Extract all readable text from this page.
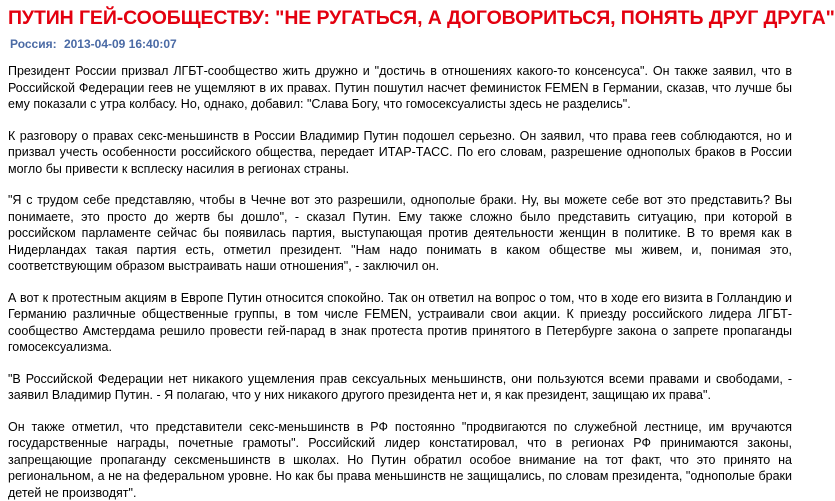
ПУТИН ГЕЙ-СООБЩЕСТВУ: "НЕ РУГАТЬСЯ, А ДОГОВОРИТЬСЯ, ПОНЯТЬ ДРУГ ДРУГА"
Россия: 2013-04-09 16:40:07

Президент России призвал ЛГБТ-сообщество жить дружно и "достичь в отношениях какого-то консенсуса". Он также заявил, что в Российской Федерации геев не ущемляют в их правах. Путин пошутил насчет феминисток FEMEN в Германии, сказав, что лучше бы ему показали с утра колбасу. Но, однако, добавил: "Слава Богу, что гомосексуалисты здесь не разделись".

К разговору о правах секс-меньшинств в России Владимир Путин подошел серьезно. Он заявил, что права геев соблюдаются, но и призвал учесть особенности российского общества, передает ИТАР-ТАСС. По его словам, разрешение однополых браков в России могло бы привести к всплеску насилия в регионах страны.

"Я с трудом себе представляю, чтобы в Чечне вот это разрешили, однополые браки. Ну, вы можете себе вот это представить? Вы понимаете, это просто до жертв бы дошло", - сказал Путин. Ему также сложно было представить ситуацию, при которой в российском парламенте сейчас бы появилась партия, выступающая против деятельности женщин в политике. В то время как в Нидерландах такая партия есть, отметил президент. "Нам надо понимать в каком обществе мы живем, и, понимая это, соответствующим образом выстраивать наши отношения", - заключил он.

А вот к протестным акциям в Европе Путин относится спокойно. Так он ответил на вопрос о том, что в ходе его визита в Голландию и Германию различные общественные группы, в том числе FEMEN, устраивали свои акции. К приезду российского лидера ЛГБТ-сообщество Амстердама решило провести гей-парад в знак протеста против принятого в Петербурге закона о запрете пропаганды гомосексуализма.

"В Российской Федерации нет никакого ущемления прав сексуальных меньшинств, они пользуются всеми правами и свободами, - заявил Владимир Путин. - Я полагаю, что у них никакого другого президента нет и, я как президент, защищаю их права".

Он также отметил, что представители секс-меньшинств в РФ постоянно "продвигаются по служебной лестнице, им вручаются государственные награды, почетные грамоты". Российский лидер констатировал, что в регионах РФ принимаются законы, запрещающие пропаганду сексменьшинств в школах. Но Путин обратил особое внимание на тот факт, что это принято на региональном, а не на федеральном уровне. Но как бы права меньшинств не защищались, по словам президента, "однополые браки детей не производят".
